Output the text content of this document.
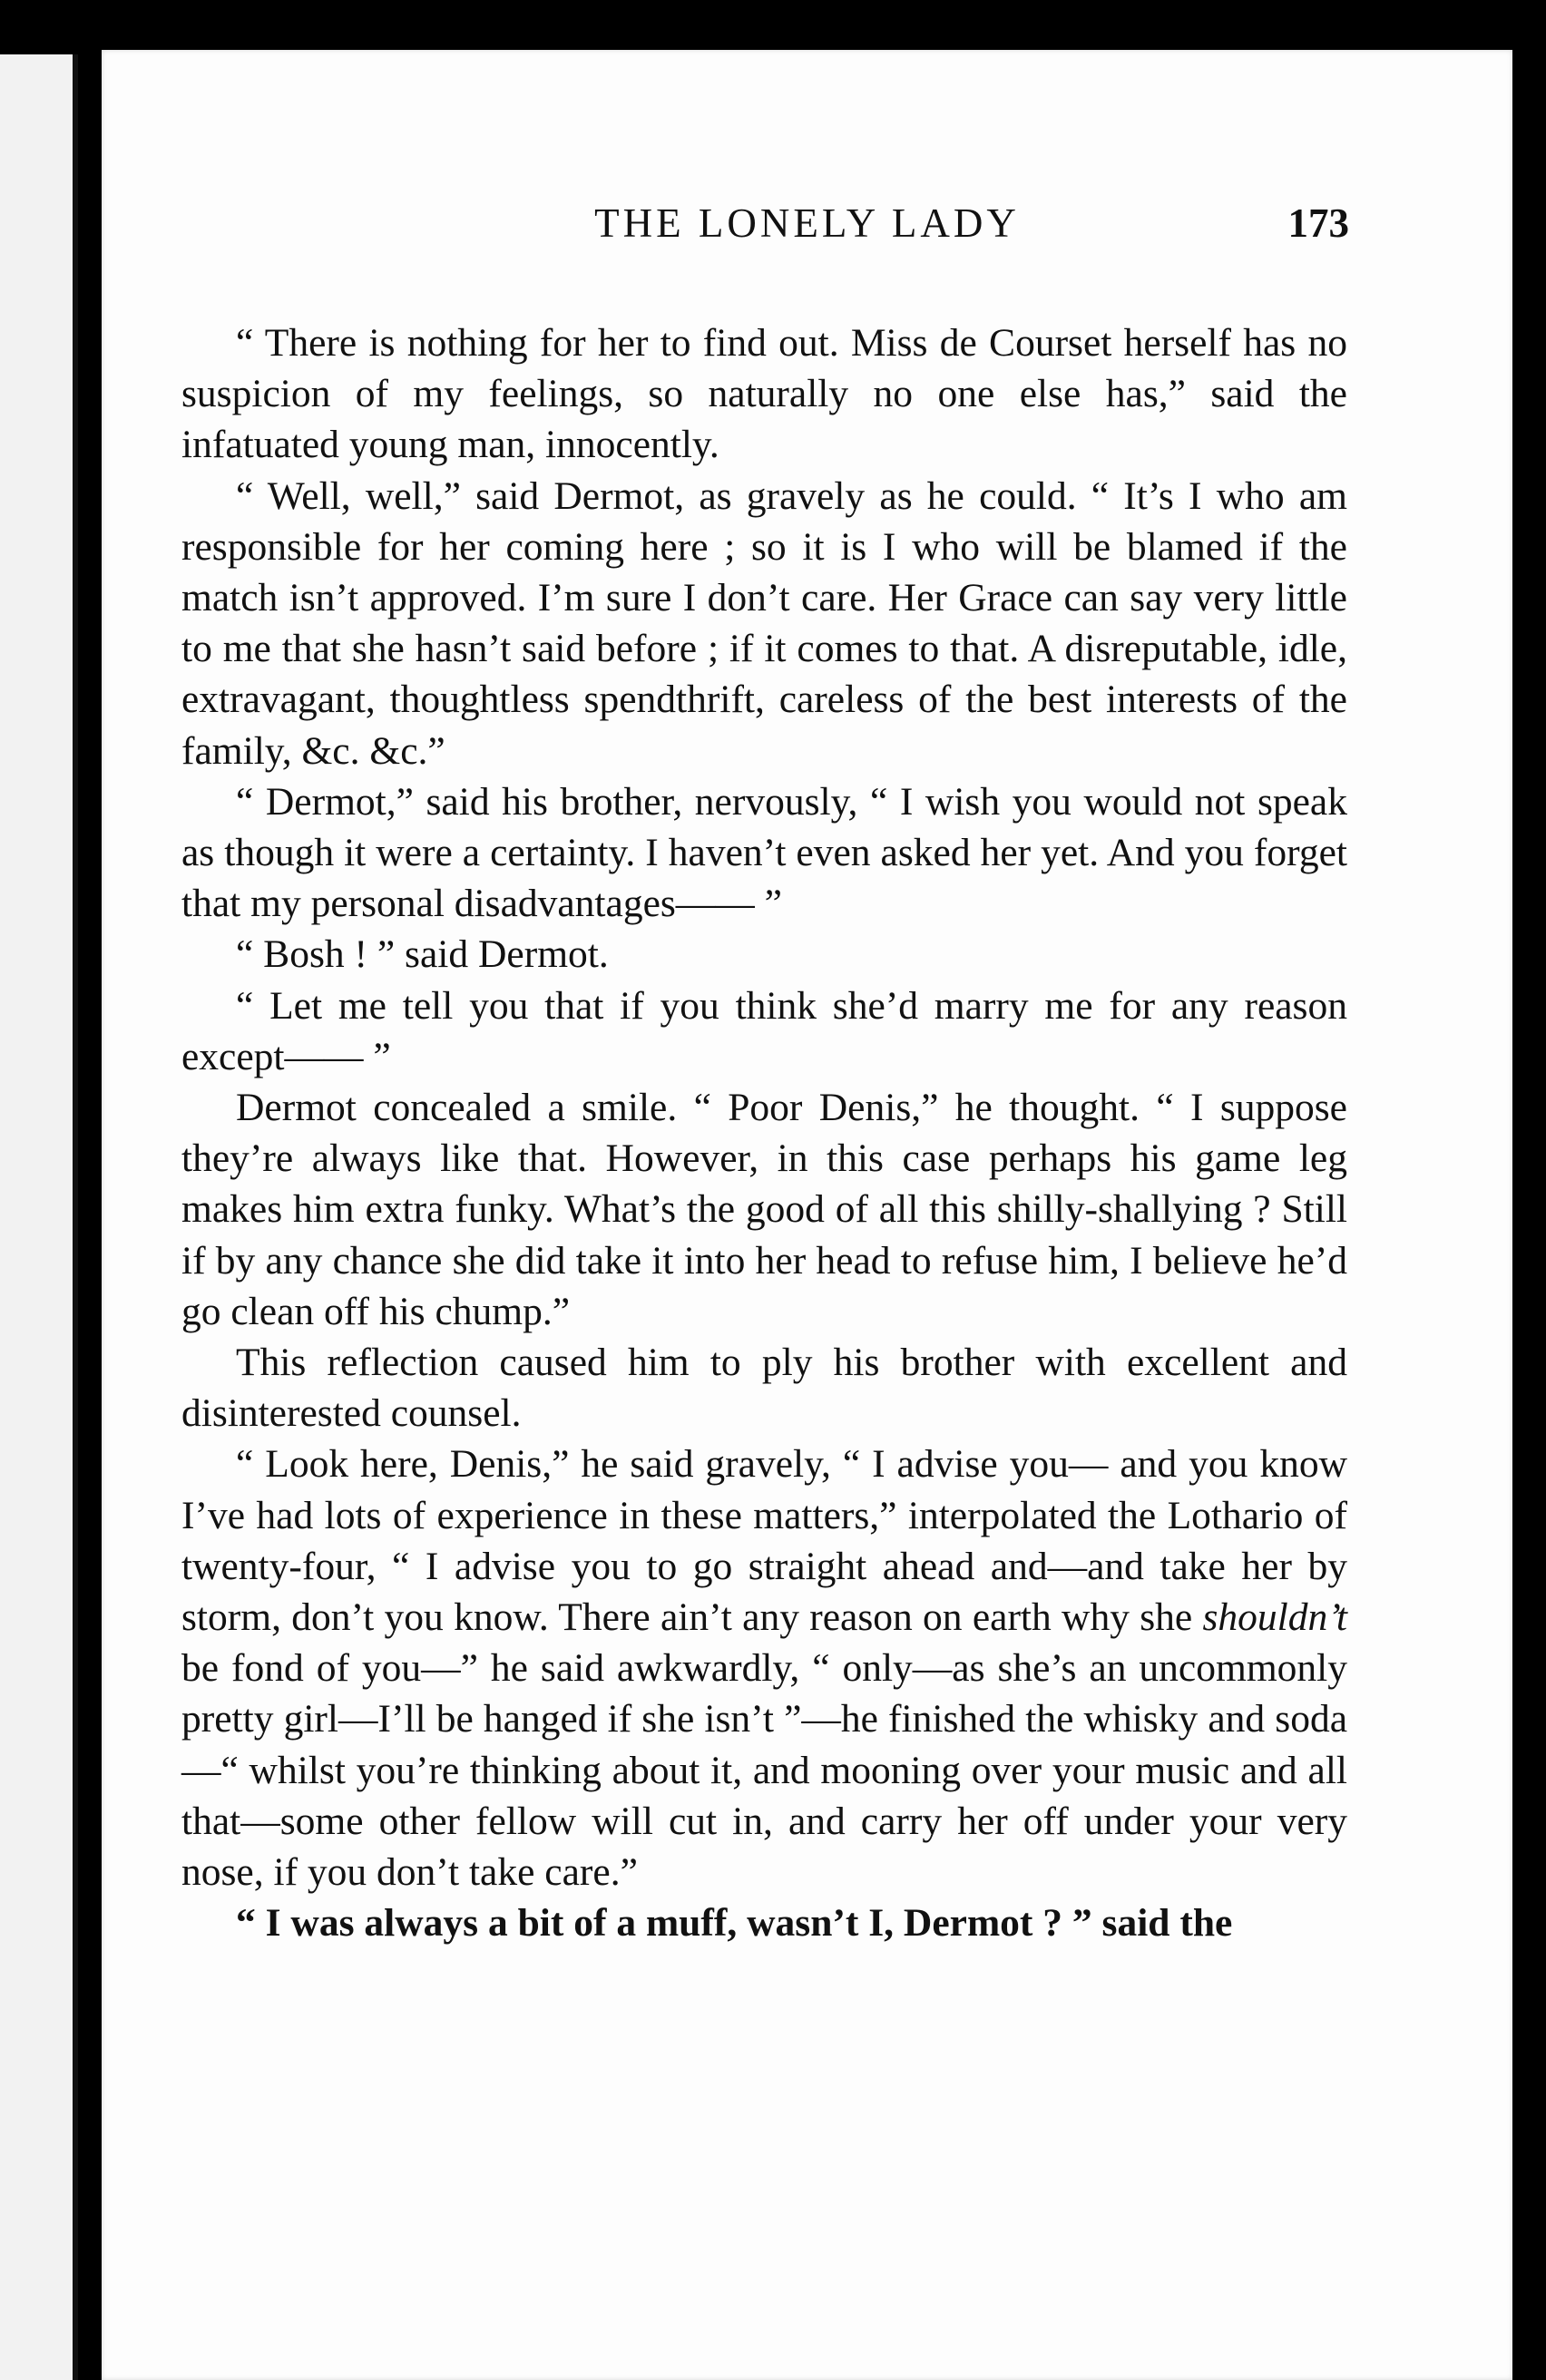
THE LONELY LADY	173

“ There is nothing for her to find out. Miss de Courset herself has no suspicion of my feelings, so naturally no one else has,” said the infatuated young man, innocently.

“ Well, well,” said Dermot, as gravely as he could. “ It’s I who am responsible for her coming here ; so it is I who will be blamed if the match isn’t approved. I’m sure I don’t care. Her Grace can say very little to me that she hasn’t said before ; if it comes to that. A disreputable, idle, extravagant, thoughtless spendthrift, careless of the best interests of the family, &c. &c.”

“ Dermot,” said his brother, nervously, “ I wish you would not speak as though it were a certainty. I haven’t even asked her yet. And you forget that my personal disadvantages—— ”

“ Bosh ! ” said Dermot.

“ Let me tell you that if you think she’d marry me for any reason except—— ”

Dermot concealed a smile. “ Poor Denis,” he thought. “ I suppose they’re always like that. However, in this case perhaps his game leg makes him extra funky. What’s the good of all this shilly-shallying ? Still if by any chance she did take it into her head to refuse him, I believe he’d go clean off his chump.”

This reflection caused him to ply his brother with excellent and disinterested counsel.

“ Look here, Denis,” he said gravely, “ I advise you— and you know I’ve had lots of experience in these matters,” interpolated the Lothario of twenty-four, “ I advise you to go straight ahead and—and take her by storm, don’t you know. There ain’t any reason on earth why she shouldn’t be fond of you—” he said awkwardly, “ only—as she’s an uncommonly pretty girl—I’ll be hanged if she isn’t ”—he finished the whisky and soda—“ whilst you’re thinking about it, and mooning over your music and all that—some other fellow will cut in, and carry her off under your very nose, if you don’t take care.”

“ I was always a bit of a muff, wasn’t I, Dermot ? ” said the
